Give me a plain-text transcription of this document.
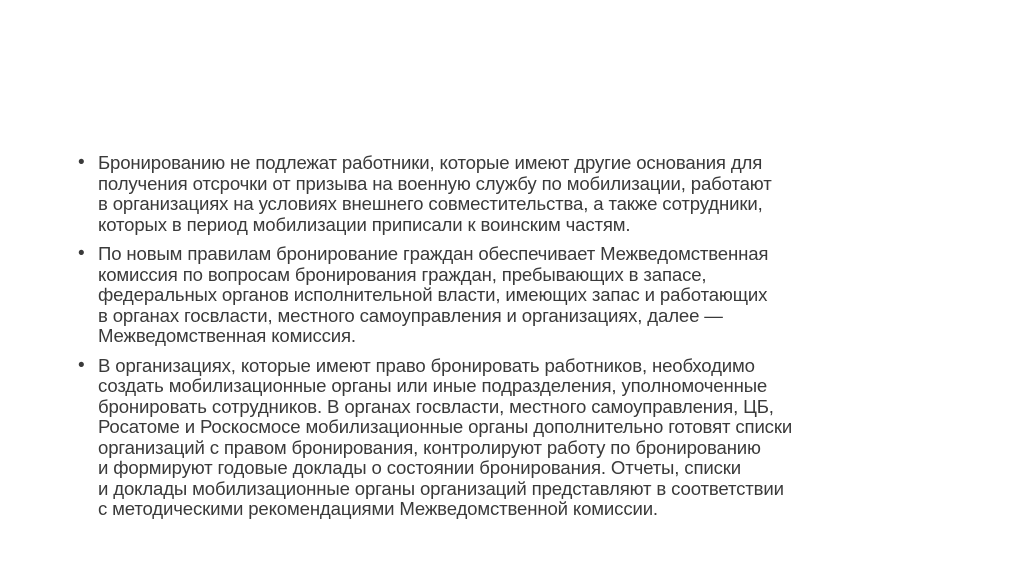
• Бронированию не подлежат работники, которые имеют другие основания для
получения отсрочки от призыва на военную службу по мобилизации, работают
в организациях на условиях внешнего совместительства, а также сотрудники,
которых в период мобилизации приписали к воинским частям.
• По новым правилам бронирование граждан обеспечивает Межведомственная
комиссия по вопросам бронирования граждан, пребывающих в запасе,
федеральных органов исполнительной власти, имеющих запас и работающих
в органах госвласти, местного самоуправления и организациях, далее —
Межведомственная комиссия.
• В организациях, которые имеют право бронировать работников, необходимо
создать мобилизационные органы или иные подразделения, уполномоченные
бронировать сотрудников. В органах госвласти, местного самоуправления, ЦБ,
Росатоме и Роскосмосе мобилизационные органы дополнительно готовят списки
организаций с правом бронирования, контролируют работу по бронированию
и формируют годовые доклады о состоянии бронирования. Отчеты, списки
и доклады мобилизационные органы организаций представляют в соответствии
с методическими рекомендациями Межведомственной комиссии.
